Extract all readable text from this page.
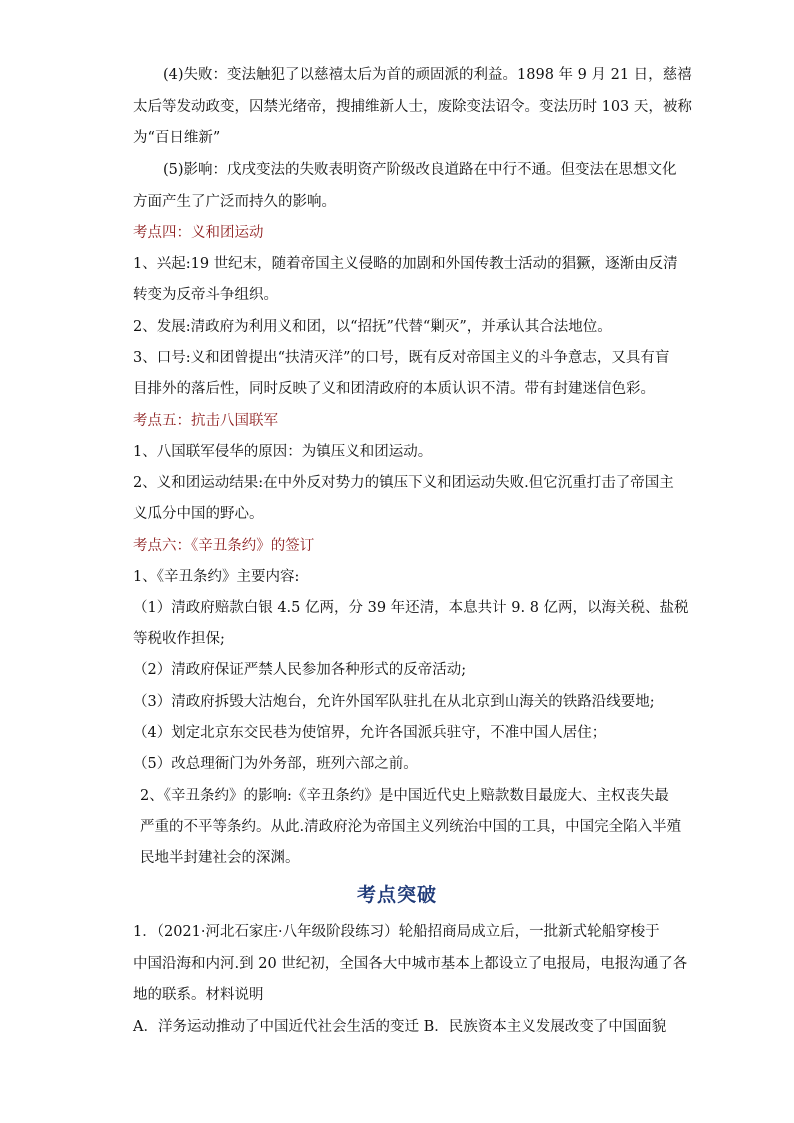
(4)失败：变法触犯了以慈禧太后为首的顽固派的利益。1898 年 9 月 21 日，慈禧
太后等发动政变，囚禁光绪帝，搜捕维新人士，废除变法诏令。变法历时 103 天，被称
为“百日维新”
(5)影响：戊戌变法的失败表明资产阶级改良道路在中行不通。但变法在思想文化
方面产生了广泛而持久的影响。
考点四：义和团运动
1、兴起:19 世纪末，随着帝国主义侵略的加剧和外国传教士活动的猖獗，逐渐由反清
转变为反帝斗争组织。
2、发展:清政府为利用义和团，以“招抚”代替“剿灭”，并承认其合法地位。
3、口号:义和团曾提出“扶清灭洋”的口号，既有反对帝国主义的斗争意志，又具有盲
目排外的落后性，同时反映了义和团清政府的本质认识不清。带有封建迷信色彩。
考点五：抗击八国联军
1、八国联军侵华的原因：为镇压义和团运动。
2、义和团运动结果:在中外反对势力的镇压下义和团运动失败.但它沉重打击了帝国主
义瓜分中国的野心。
考点六：《辛丑条约》的签订
1、《辛丑条约》主要内容:
（1）清政府赔款白银 4.5 亿两，分 39 年还清，本息共计 9. 8 亿两，以海关税、盐税
等税收作担保;
（2）清政府保证严禁人民参加各种形式的反帝活动;
（3）清政府拆毁大沽炮台，允许外国军队驻扎在从北京到山海关的铁路沿线要地;
（4）划定北京东交民巷为使馆界，允许各国派兵驻守，不准中国人居住；
（5）改总理衙门为外务部，班列六部之前。
2、《辛丑条约》的影响:《辛丑条约》是中国近代史上赔款数目最庞大、主权丧失最
严重的不平等条约。从此.清政府沦为帝国主义列统治中国的工具，中国完全陷入半殖
民地半封建社会的深渊。
考点突破
1．（2021·河北石家庄·八年级阶段练习）轮船招商局成立后，一批新式轮船穿梭于
中国沿海和内河.到 20 世纪初，全国各大中城市基本上都设立了电报局，电报沟通了各
地的联系。材料说明
A．洋务运动推动了中国近代社会生活的变迁 B．民族资本主义发展改变了中国面貌
